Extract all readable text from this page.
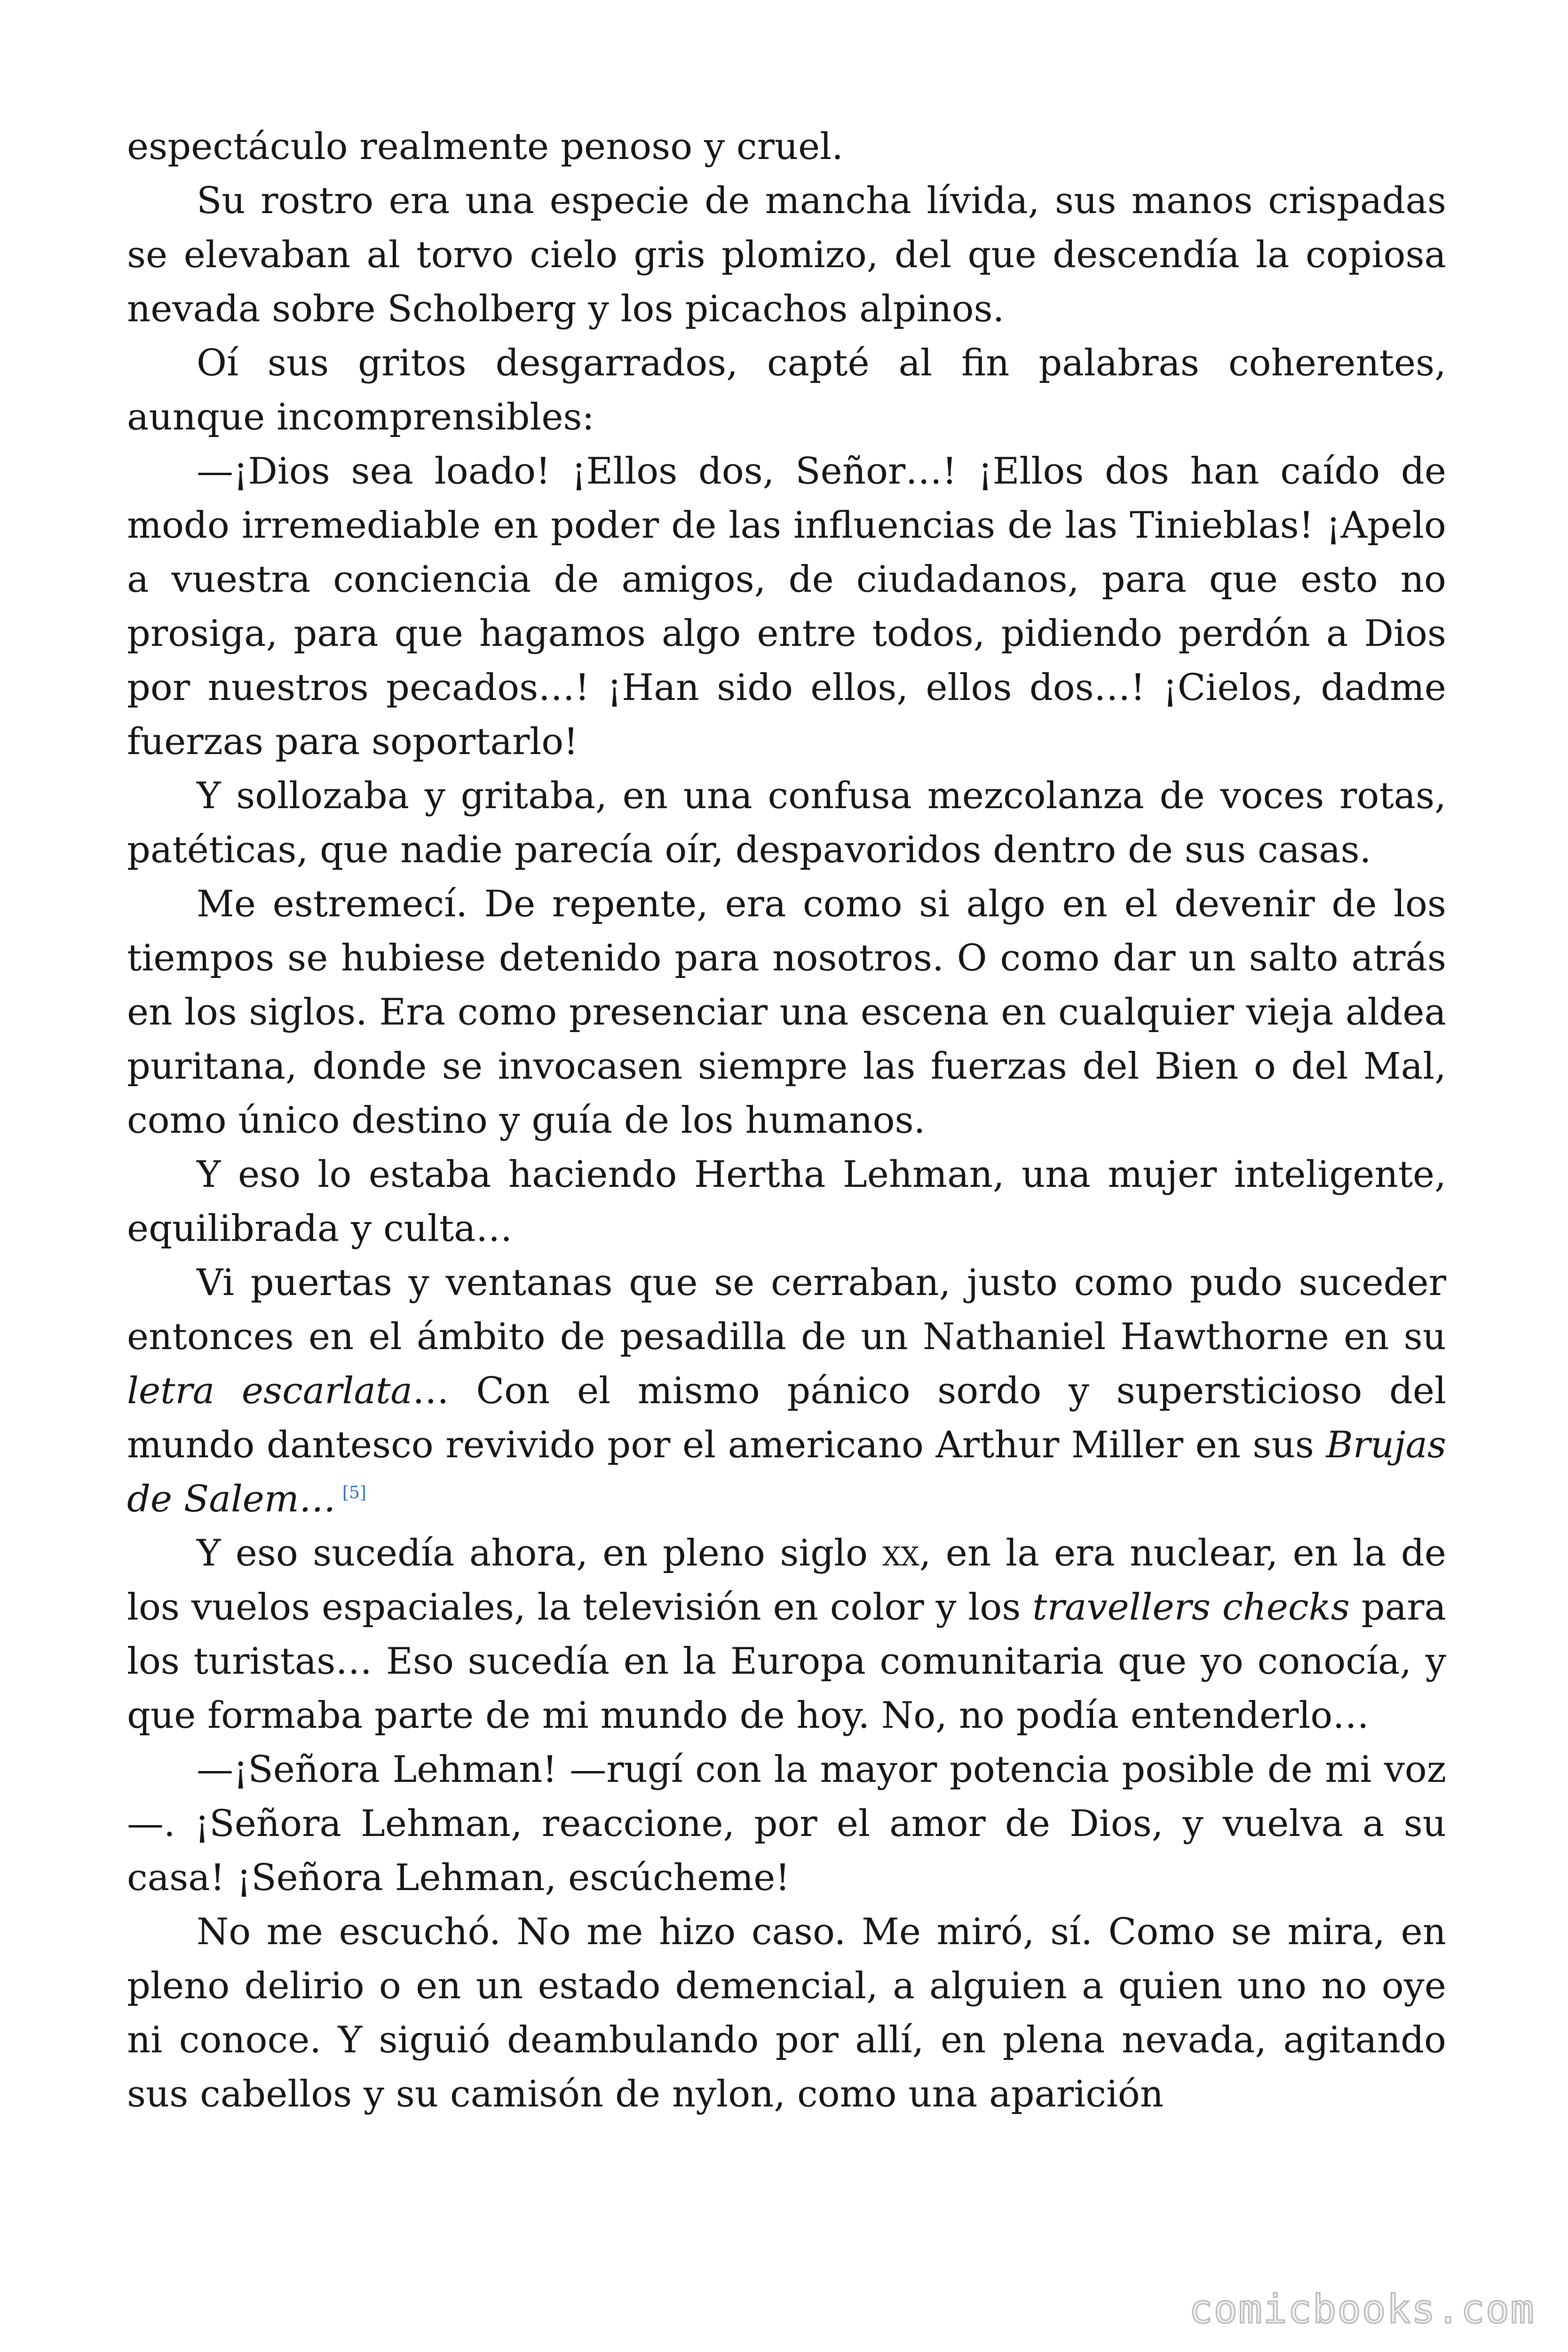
espectáculo realmente penoso y cruel.

Su rostro era una especie de mancha lívida, sus manos crispadas se elevaban al torvo cielo gris plomizo, del que descendía la copiosa nevada sobre Scholberg y los picachos alpinos.

Oí sus gritos desgarrados, capté al fin palabras coherentes, aunque incomprensibles:

—¡Dios sea loado! ¡Ellos dos, Señor…! ¡Ellos dos han caído de modo irremediable en poder de las influencias de las Tinieblas! ¡Apelo a vuestra conciencia de amigos, de ciudadanos, para que esto no prosiga, para que hagamos algo entre todos, pidiendo perdón a Dios por nuestros pecados…! ¡Han sido ellos, ellos dos…! ¡Cielos, dadme fuerzas para soportarlo!

Y sollozaba y gritaba, en una confusa mezcolanza de voces rotas, patéticas, que nadie parecía oír, despavoridos dentro de sus casas.

Me estremecí. De repente, era como si algo en el devenir de los tiempos se hubiese detenido para nosotros. O como dar un salto atrás en los siglos. Era como presenciar una escena en cualquier vieja aldea puritana, donde se invocasen siempre las fuerzas del Bien o del Mal, como único destino y guía de los humanos.

Y eso lo estaba haciendo Hertha Lehman, una mujer inteligente, equilibrada y culta…

Vi puertas y ventanas que se cerraban, justo como pudo suceder entonces en el ámbito de pesadilla de un Nathaniel Hawthorne en su letra escarlata… Con el mismo pánico sordo y supersticioso del mundo dantesco revivido por el americano Arthur Miller en sus Brujas de Salem… [5]

Y eso sucedía ahora, en pleno siglo xx, en la era nuclear, en la de los vuelos espaciales, la televisión en color y los travellers checks para los turistas… Eso sucedía en la Europa comunitaria que yo conocía, y que formaba parte de mi mundo de hoy. No, no podía entenderlo…

—¡Señora Lehman! —rugí con la mayor potencia posible de mi voz—. ¡Señora Lehman, reaccione, por el amor de Dios, y vuelva a su casa! ¡Señora Lehman, escúcheme!

No me escuchó. No me hizo caso. Me miró, sí. Como se mira, en pleno delirio o en un estado demencial, a alguien a quien uno no oye ni conoce. Y siguió deambulando por allí, en plena nevada, agitando sus cabellos y su camisón de nylon, como una aparición

comicbooks.com
